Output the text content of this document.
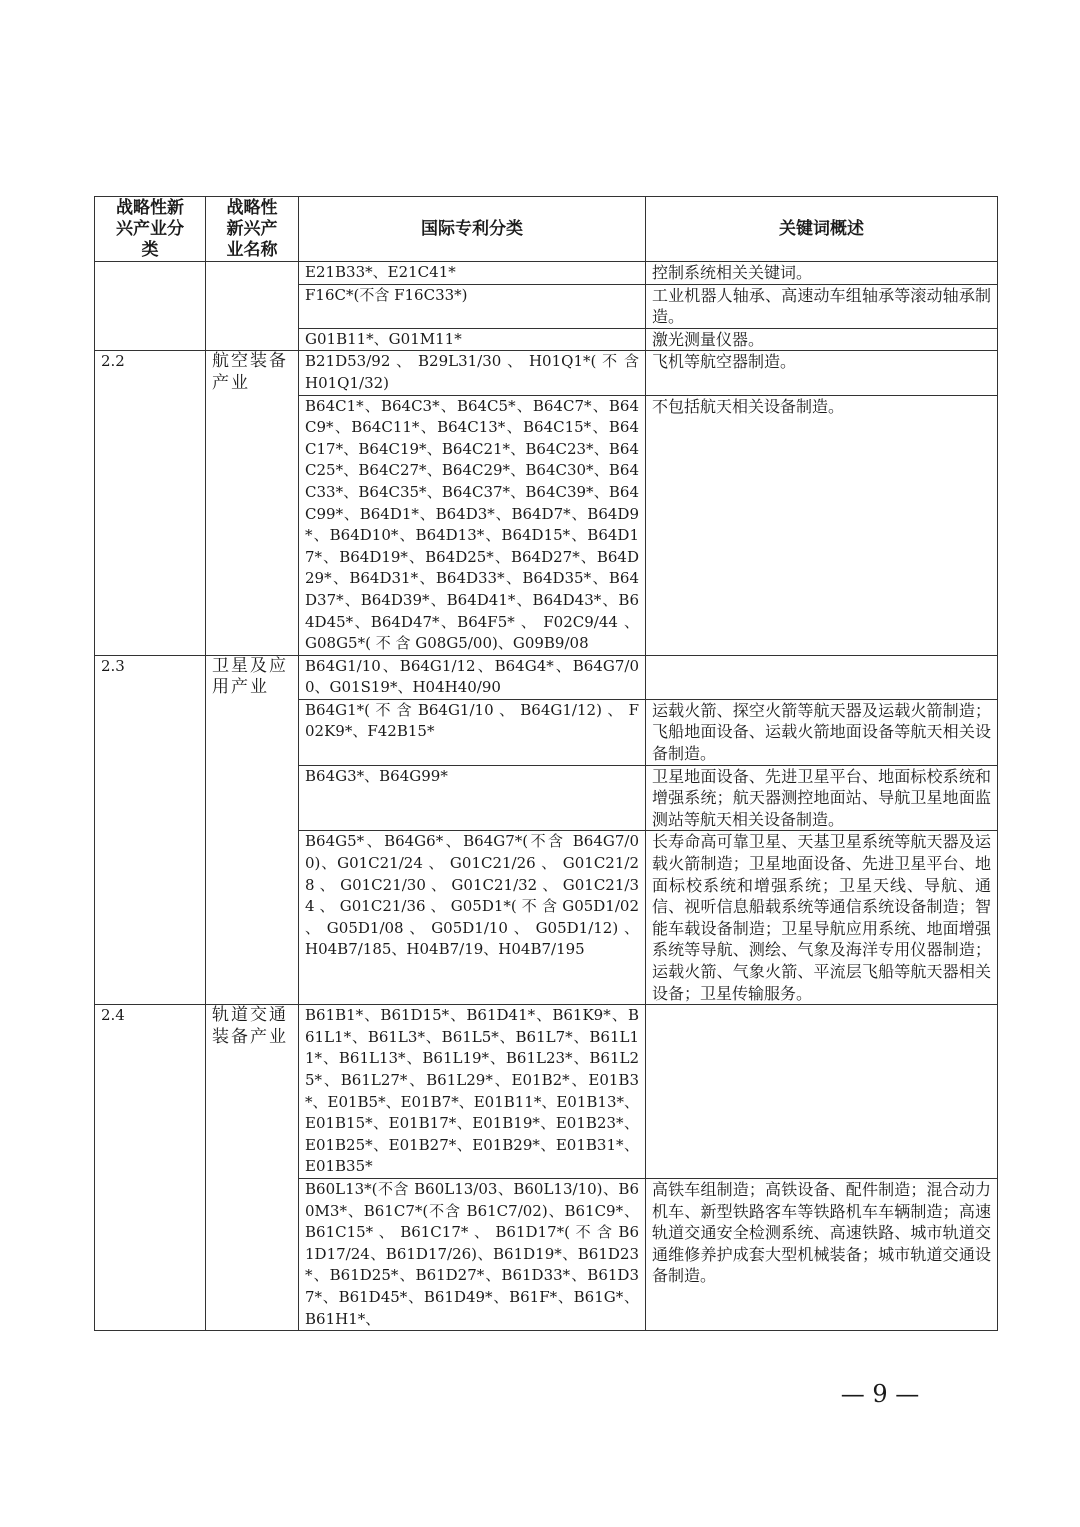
战略性新兴产业分类	战略性新兴产业名称	国际专利分类	关键词概述
		E21B33*、E21C41*	控制系统相关关键词。
		F16C*(不含 F16C33*)	工业机器人轴承、高速动车组轴承等滚动轴承制造。
		G01B11*、G01M11*	激光测量仪器。
2.2	航空装备产业	B21D53/92 、 B29L31/30 、 H01Q1*( 不 含 H01Q1/32)	飞机等航空器制造。
		B64C1*、B64C3*、B64C5*、B64C7*、B64C9*、B64C11*、B64C13*、B64C15*、B64C17*、B64C19*、B64C21*、B64C23*、B64C25*、B64C27*、B64C29*、B64C30*、B64C33*、B64C35*、B64C37*、B64C39*、B64C99*、B64D1*、B64D3*、B64D7*、B64D9*、B64D10*、B64D13*、B64D15*、B64D17*、B64D19*、B64D25*、B64D27*、B64D29*、B64D31*、B64D33*、B64D35*、B64D37*、B64D39*、B64D41*、B64D43*、B64D45*、B64D47*、B64F5* 、 F02C9/44 、 G08G5*( 不 含 G08G5/00)、G09B9/08	不包括航天相关设备制造。
2.3	卫星及应用产业	B64G1/10、B64G1/12、B64G4*、B64G7/00、G01S19*、H04H40/90	
		B64G1*( 不 含 B64G1/10 、 B64G1/12) 、 F02K9*、F42B15*	运载火箭、探空火箭等航天器及运载火箭制造；飞船地面设备、运载火箭地面设备等航天相关设备制造。
		B64G3*、B64G99*	卫星地面设备、先进卫星平台、地面标校系统和增强系统；航天器测控地面站、导航卫星地面监测站等航天相关设备制造。
		B64G5*、B64G6*、B64G7*(不含 B64G7/00)、G01C21/24 、 G01C21/26 、 G01C21/28 、 G01C21/30 、 G01C21/32 、 G01C21/34 、 G01C21/36 、 G05D1*( 不 含 G05D1/02 、 G05D1/08 、 G05D1/10 、 G05D1/12) 、 H04B7/185、H04B7/19、H04B7/195	长寿命高可靠卫星、天基卫星系统等航天器及运载火箭制造；卫星地面设备、先进卫星平台、地面标校系统和增强系统；卫星天线、导航、通信、视听信息船载系统等通信系统设备制造；智能车载设备制造；卫星导航应用系统、地面增强系统等导航、测绘、气象及海洋专用仪器制造；运载火箭、气象火箭、平流层飞船等航天器相关设备；卫星传输服务。
2.4	轨道交通装备产业	B61B1*、B61D15*、B61D41*、B61K9*、B61L1*、B61L3*、B61L5*、B61L7*、B61L11*、B61L13*、B61L19*、B61L23*、B61L25*、B61L27*、B61L29*、E01B2*、E01B3*、E01B5*、E01B7*、E01B11*、E01B13*、E01B15*、E01B17*、E01B19*、E01B23*、E01B25*、E01B27*、E01B29*、E01B31*、E01B35*	
		B60L13*(不含 B60L13/03、B60L13/10)、B60M3*、B61C7*(不含 B61C7/02)、B61C9*、B61C15* 、 B61C17* 、 B61D17*( 不 含 B61D17/24、B61D17/26)、B61D19*、B61D23*、B61D25*、B61D27*、B61D33*、B61D37*、B61D45*、B61D49*、B61F*、B61G*、B61H1*、	高铁车组制造；高铁设备、配件制造；混合动力机车、新型铁路客车等铁路机车车辆制造；高速轨道交通安全检测系统、高速铁路、城市轨道交通维修养护成套大型机械装备；城市轨道交通设备制造。
— 9 —
